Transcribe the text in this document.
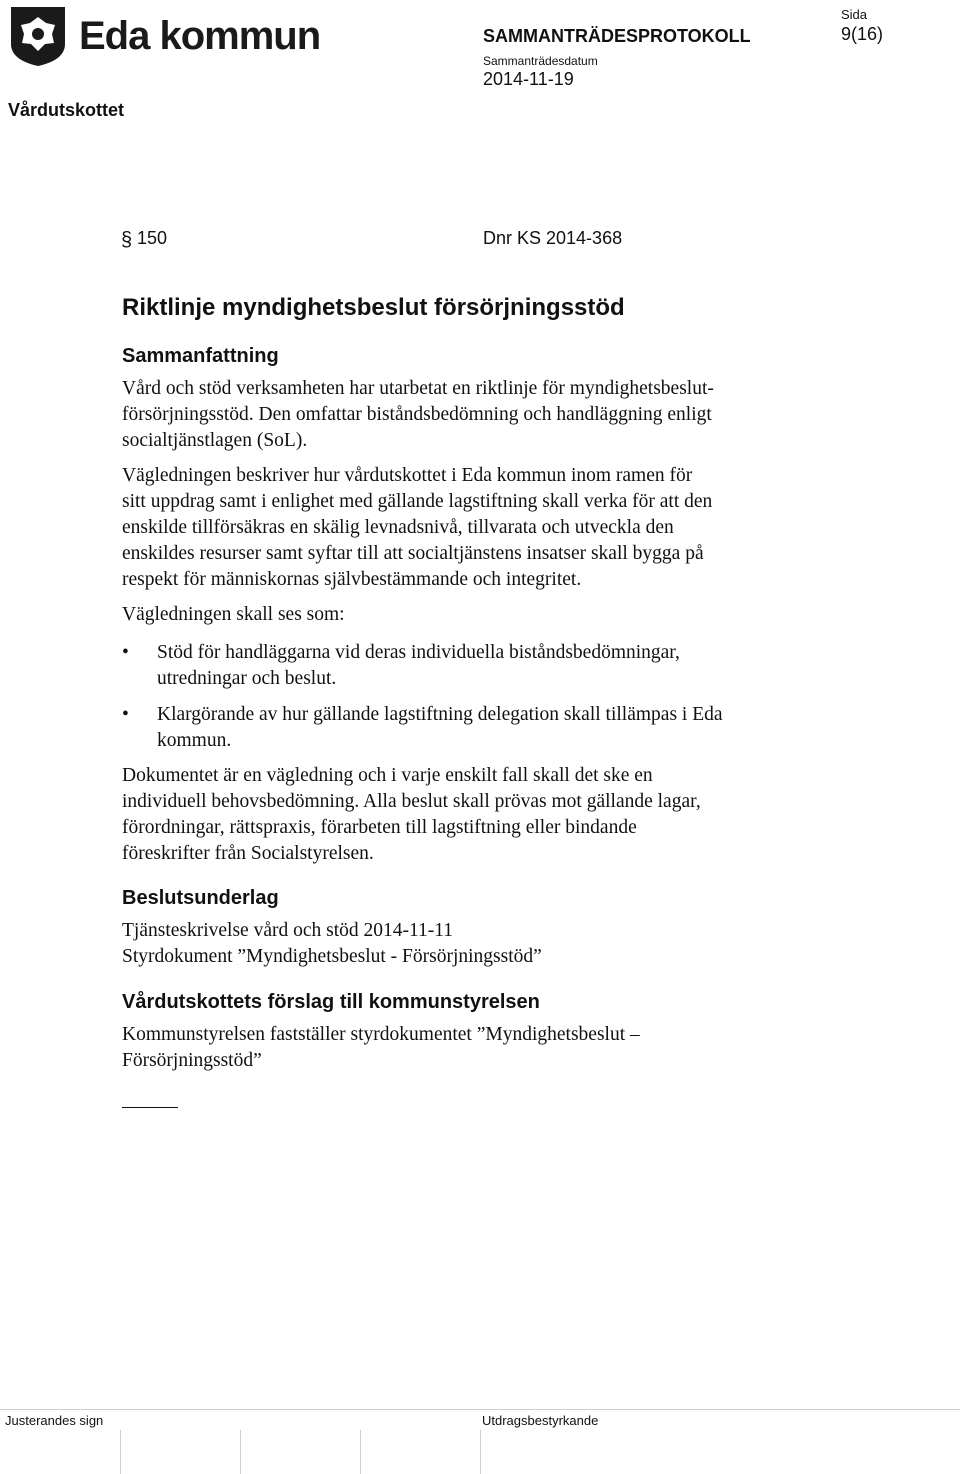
Eda kommun
Vårdutskottet
SAMMANTRÄDESPROTOKOLL
Sammanträdesdatum
2014-11-19
Sida
9(16)
§ 150	Dnr KS 2014-368
Riktlinje myndighetsbeslut försörjningsstöd
Sammanfattning
Vård och stöd verksamheten har utarbetat en riktlinje för myndighetsbeslut-
försörjningsstöd. Den omfattar biståndsbedömning och handläggning enligt
socialtjänstlagen (SoL).
Vägledningen beskriver hur vårdutskottet i Eda kommun inom ramen för
sitt uppdrag samt i enlighet med gällande lagstiftning skall verka för att den
enskilde tillförsäkras en skälig levnadsnivå, tillvarata och utveckla den
enskildes resurser samt syftar till att socialtjänstens insatser skall bygga på
respekt för människornas självbestämmande och integritet.
Vägledningen skall ses som:
• Stöd för handläggarna vid deras individuella biståndsbedömningar,
utredningar och beslut.
• Klargörande av hur gällande lagstiftning delegation skall tillämpas i Eda
kommun.
Dokumentet är en vägledning och i varje enskilt fall skall det ske en
individuell behovsbedömning. Alla beslut skall prövas mot gällande lagar,
förordningar, rättspraxis, förarbeten till lagstiftning eller bindande
föreskrifter från Socialstyrelsen.
Beslutsunderlag
Tjänsteskrivelse vård och stöd 2014-11-11
Styrdokument ”Myndighetsbeslut - Försörjningsstöd”
Vårdutskottets förslag till kommunstyrelsen
Kommunstyrelsen fastställer styrdokumentet ”Myndighetsbeslut –
Försörjningsstöd”
Justerandes sign	Utdragsbestyrkande
